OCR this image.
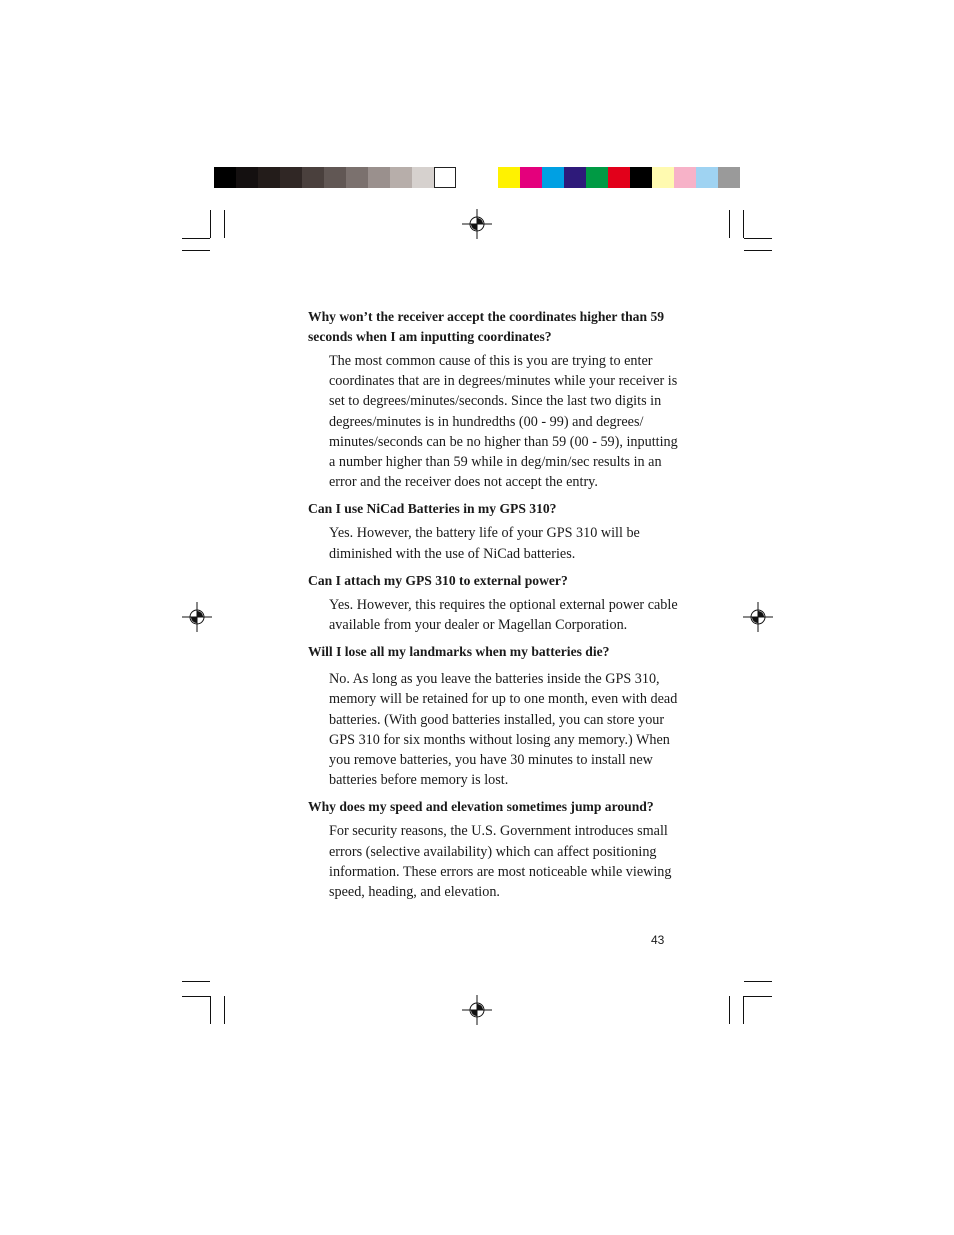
Why won’t the receiver accept the coordinates higher than 59 seconds when I am inputting coordinates?

The most common cause of this is you are trying to enter coordinates that are in degrees/minutes while your receiver is set to degrees/minutes/seconds. Since the last two digits in degrees/minutes is in hundredths (00 - 99) and degrees/ minutes/seconds can be no higher than 59 (00 - 59), inputting a number higher than 59 while in deg/min/sec results in an error and the receiver does not accept the entry.

Can I use NiCad Batteries in my GPS 310?

Yes. However, the battery life of your GPS 310 will be diminished with the use of NiCad batteries.

Can I attach my GPS 310 to external power?

Yes. However, this requires the optional external power cable available from your dealer or Magellan Corporation.

Will I lose all my landmarks when my batteries die?

No. As long as you leave the batteries inside the GPS 310, memory will be retained for up to one month, even with dead batteries. (With good batteries installed, you can store your GPS 310 for six months without losing any memory.) When you remove batteries, you have 30 minutes to install new batteries before memory is lost.

Why does my speed and elevation sometimes jump around?

For security reasons, the U.S. Government introduces small errors (selective availability) which can affect positioning information. These errors are most noticeable while viewing speed, heading, and elevation.

43
